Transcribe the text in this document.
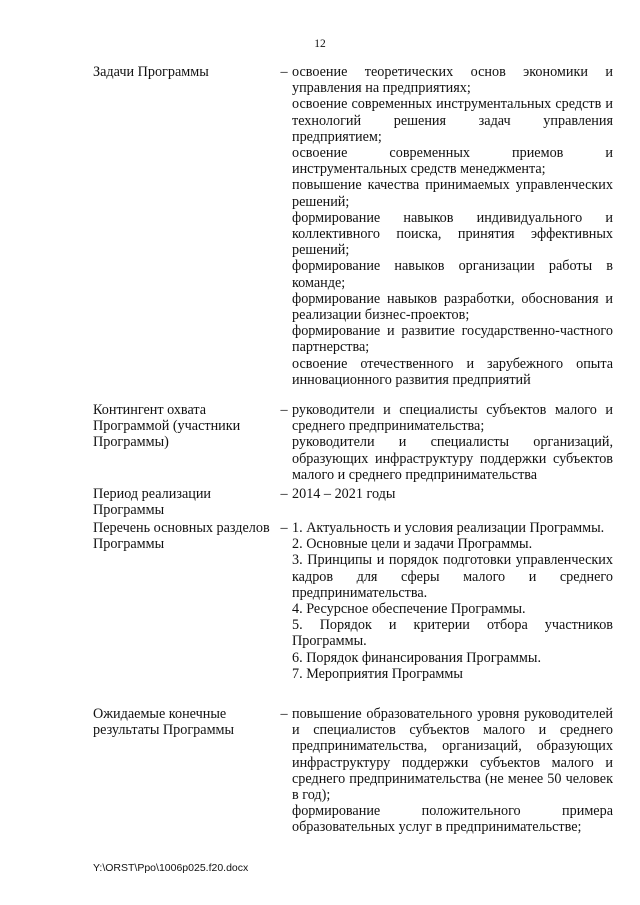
12
Задачи Программы	– освоение теоретических основ экономики и управления на предприятиях;

освоение современных инструментальных средств и технологий решения задач управления предприятием;

освоение современных приемов и инструментальных средств менеджмента;

повышение качества принимаемых управленческих решений;

формирование навыков индивидуального и коллективного поиска, принятия эффективных решений;

формирование навыков организации работы в команде;

формирование навыков разработки, обоснования и реализации бизнес-проектов;

формирование и развитие государственно-частного партнерства;

освоение отечественного и зарубежного опыта инновационного развития предприятий

Контингент охвата Программой (участники Программы)
– руководители и специалисты субъектов малого и среднего предпринимательства;

руководители и специалисты организаций, образующих инфраструктуру поддержки субъектов малого и среднего предпринимательства

Период реализации Программы
– 2014 – 2021 годы

Перечень основных разделов Программы
– 1. Актуальность и условия реализации Программы.

2. Основные цели и задачи Программы.

3. Принципы и порядок подготовки управленческих кадров для сферы малого и среднего предпринимательства.

4. Ресурсное обеспечение Программы.

5. Порядок и критерии отбора участников Программы.

6. Порядок финансирования Программы.

7. Мероприятия Программы

Ожидаемые конечные результаты Программы
– повышение образовательного уровня руководителей и специалистов субъектов малого и среднего предпринимательства, организаций, образующих инфраструктуру поддержки субъектов малого и среднего предпринимательства (не менее 50 человек в год);

формирование положительного примера образовательных услуг в предпринимательстве;

Y:\ORST\Ppo\1006p025.f20.docx
